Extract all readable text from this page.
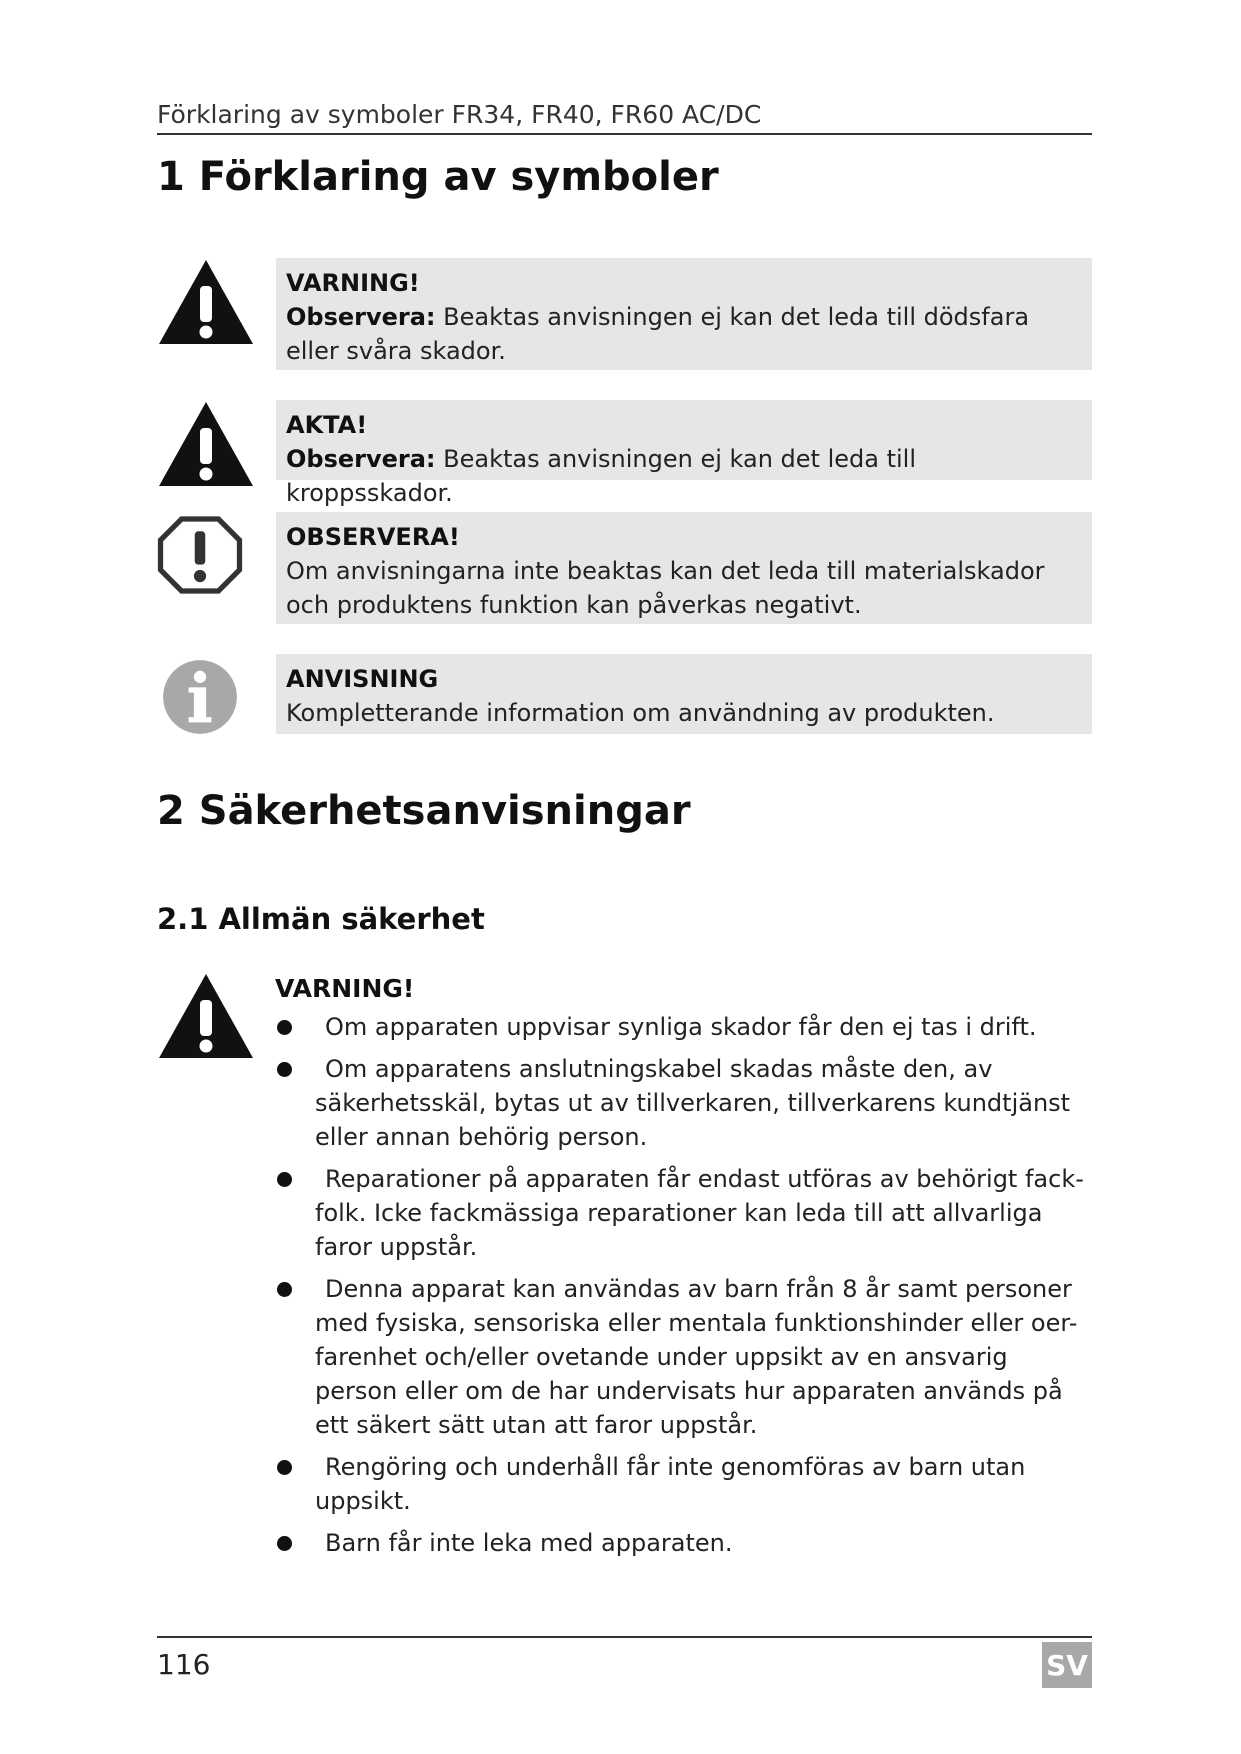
Förklaring av symboler FR34, FR40, FR60 AC/DC
1 Förklaring av symboler
VARNING!
Observera: Beaktas anvisningen ej kan det leda till dödsfara eller svåra skador.
AKTA!
Observera: Beaktas anvisningen ej kan det leda till kroppsskador.
OBSERVERA!
Om anvisningarna inte beaktas kan det leda till materialskador och produktens funktion kan påverkas negativt.
ANVISNING
Kompletterande information om användning av produkten.
2 Säkerhetsanvisningar
2.1 Allmän säkerhet
VARNING!
Om apparaten uppvisar synliga skador får den ej tas i drift.
Om apparatens anslutningskabel skadas måste den, av säkerhetsskäl, bytas ut av tillverkaren, tillverkarens kundtjänst eller annan behörig person.
Reparationer på apparaten får endast utföras av behörigt fack-folk. Icke fackmässiga reparationer kan leda till att allvarliga faror uppstår.
Denna apparat kan användas av barn från 8 år samt personer med fysiska, sensoriska eller mentala funktionshinder eller oer-farenhet och/eller ovetande under uppsikt av en ansvarig person eller om de har undervisats hur apparaten används på ett säkert sätt utan att faror uppstår.
Rengöring och underhåll får inte genomföras av barn utan uppsikt.
Barn får inte leka med apparaten.
116	SV
